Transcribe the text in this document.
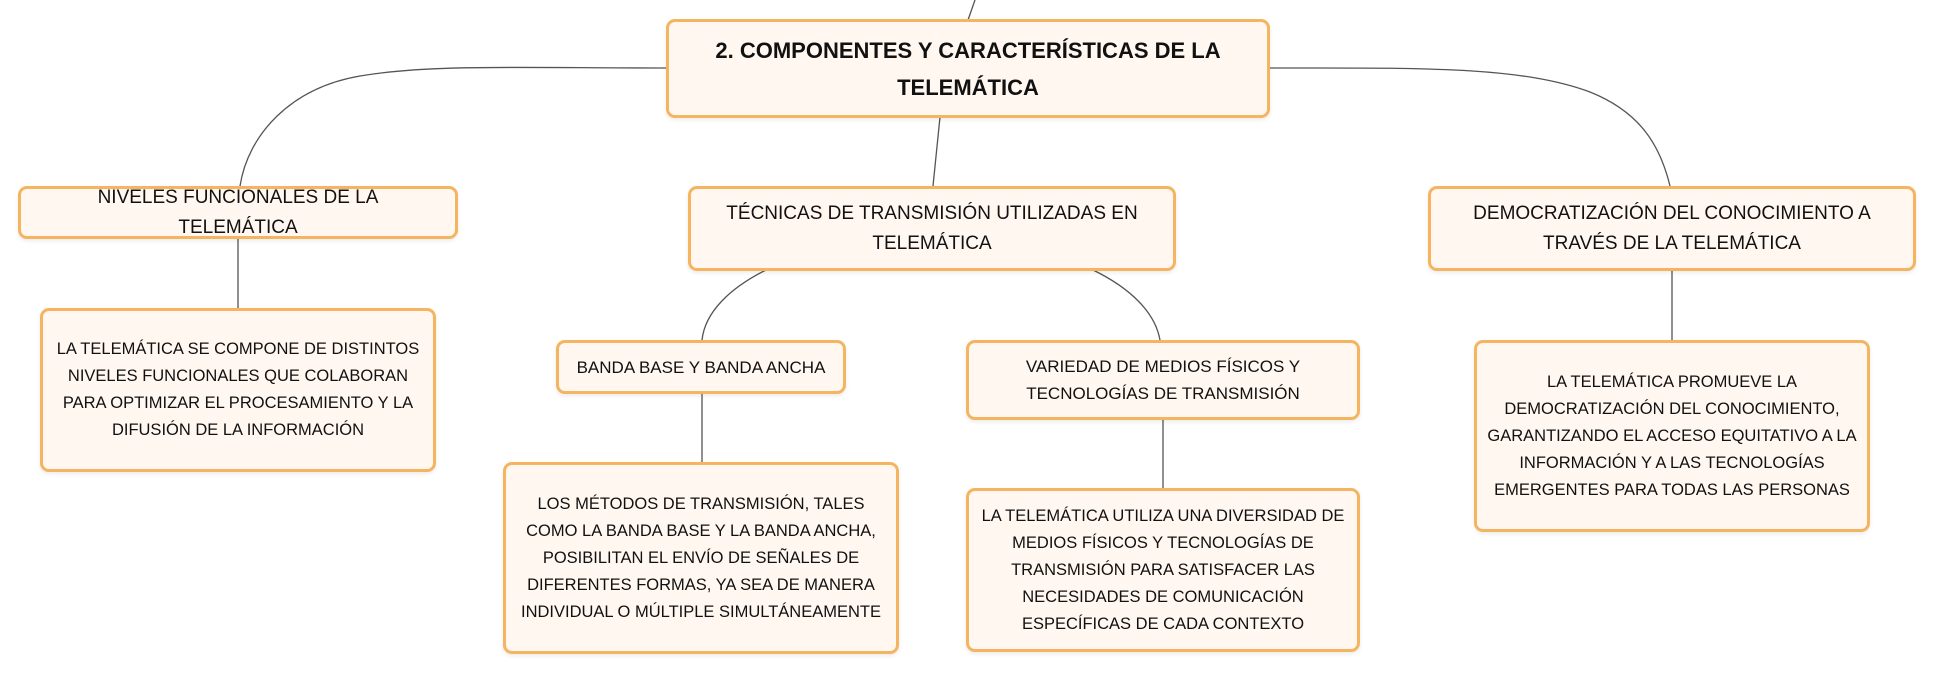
2. COMPONENTES Y CARACTERÍSTICAS DE LA TELEMÁTICA
NIVELES FUNCIONALES DE LA TELEMÁTICA
TÉCNICAS DE TRANSMISIÓN UTILIZADAS EN TELEMÁTICA
DEMOCRATIZACIÓN DEL CONOCIMIENTO A TRAVÉS DE LA TELEMÁTICA
LA TELEMÁTICA SE COMPONE DE DISTINTOS NIVELES FUNCIONALES QUE COLABORAN PARA OPTIMIZAR EL PROCESAMIENTO Y LA DIFUSIÓN DE LA INFORMACIÓN
BANDA BASE Y BANDA ANCHA	VARIEDAD DE MEDIOS FÍSICOS Y TECNOLOGÍAS DE TRANSMISIÓN
LOS MÉTODOS DE TRANSMISIÓN, TALES COMO LA BANDA BASE Y LA BANDA ANCHA, POSIBILITAN EL ENVÍO DE SEÑALES DE DIFERENTES FORMAS, YA SEA DE MANERA INDIVIDUAL O MÚLTIPLE SIMULTÁNEAMENTE
LA TELEMÁTICA UTILIZA UNA DIVERSIDAD DE MEDIOS FÍSICOS Y TECNOLOGÍAS DE TRANSMISIÓN PARA SATISFACER LAS NECESIDADES DE COMUNICACIÓN ESPECÍFICAS DE CADA CONTEXTO
LA TELEMÁTICA PROMUEVE LA DEMOCRATIZACIÓN DEL CONOCIMIENTO, GARANTIZANDO EL ACCESO EQUITATIVO A LA INFORMACIÓN Y A LAS TECNOLOGÍAS EMERGENTES PARA TODAS LAS PERSONAS
